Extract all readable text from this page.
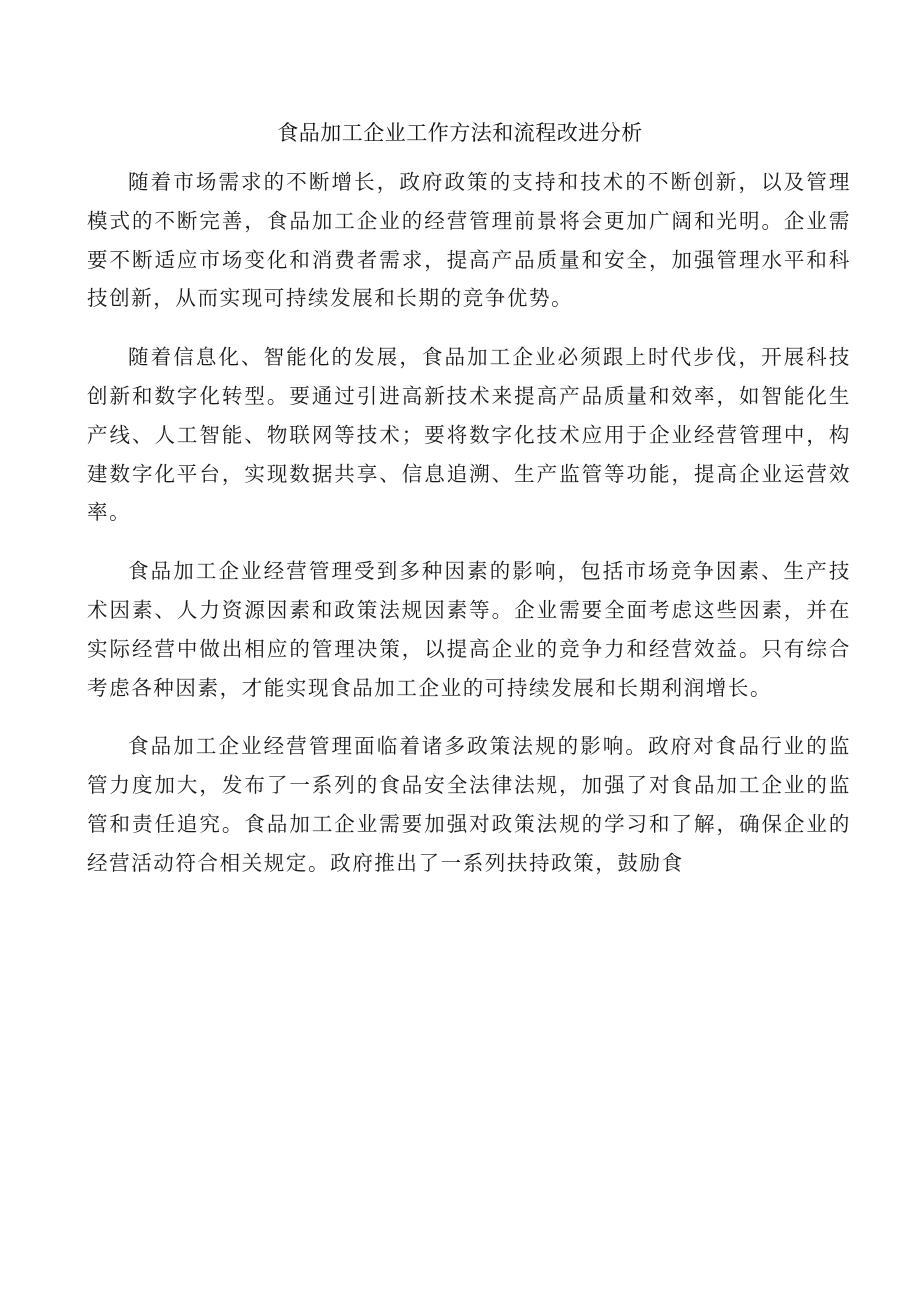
食品加工企业工作方法和流程改进分析

随着市场需求的不断增长，政府政策的支持和技术的不断创新，以及管理模式的不断完善，食品加工企业的经营管理前景将会更加广阔和光明。企业需要不断适应市场变化和消费者需求，提高产品质量和安全，加强管理水平和科技创新，从而实现可持续发展和长期的竞争优势。

随着信息化、智能化的发展，食品加工企业必须跟上时代步伐，开展科技创新和数字化转型。要通过引进高新技术来提高产品质量和效率，如智能化生产线、人工智能、物联网等技术；要将数字化技术应用于企业经营管理中，构建数字化平台，实现数据共享、信息追溯、生产监管等功能，提高企业运营效率。

食品加工企业经营管理受到多种因素的影响，包括市场竞争因素、生产技术因素、人力资源因素和政策法规因素等。企业需要全面考虑这些因素，并在实际经营中做出相应的管理决策，以提高企业的竞争力和经营效益。只有综合考虑各种因素，才能实现食品加工企业的可持续发展和长期利润增长。

食品加工企业经营管理面临着诸多政策法规的影响。政府对食品行业的监管力度加大，发布了一系列的食品安全法律法规，加强了对食品加工企业的监管和责任追究。食品加工企业需要加强对政策法规的学习和了解，确保企业的经营活动符合相关规定。政府推出了一系列扶持政策，鼓励食
